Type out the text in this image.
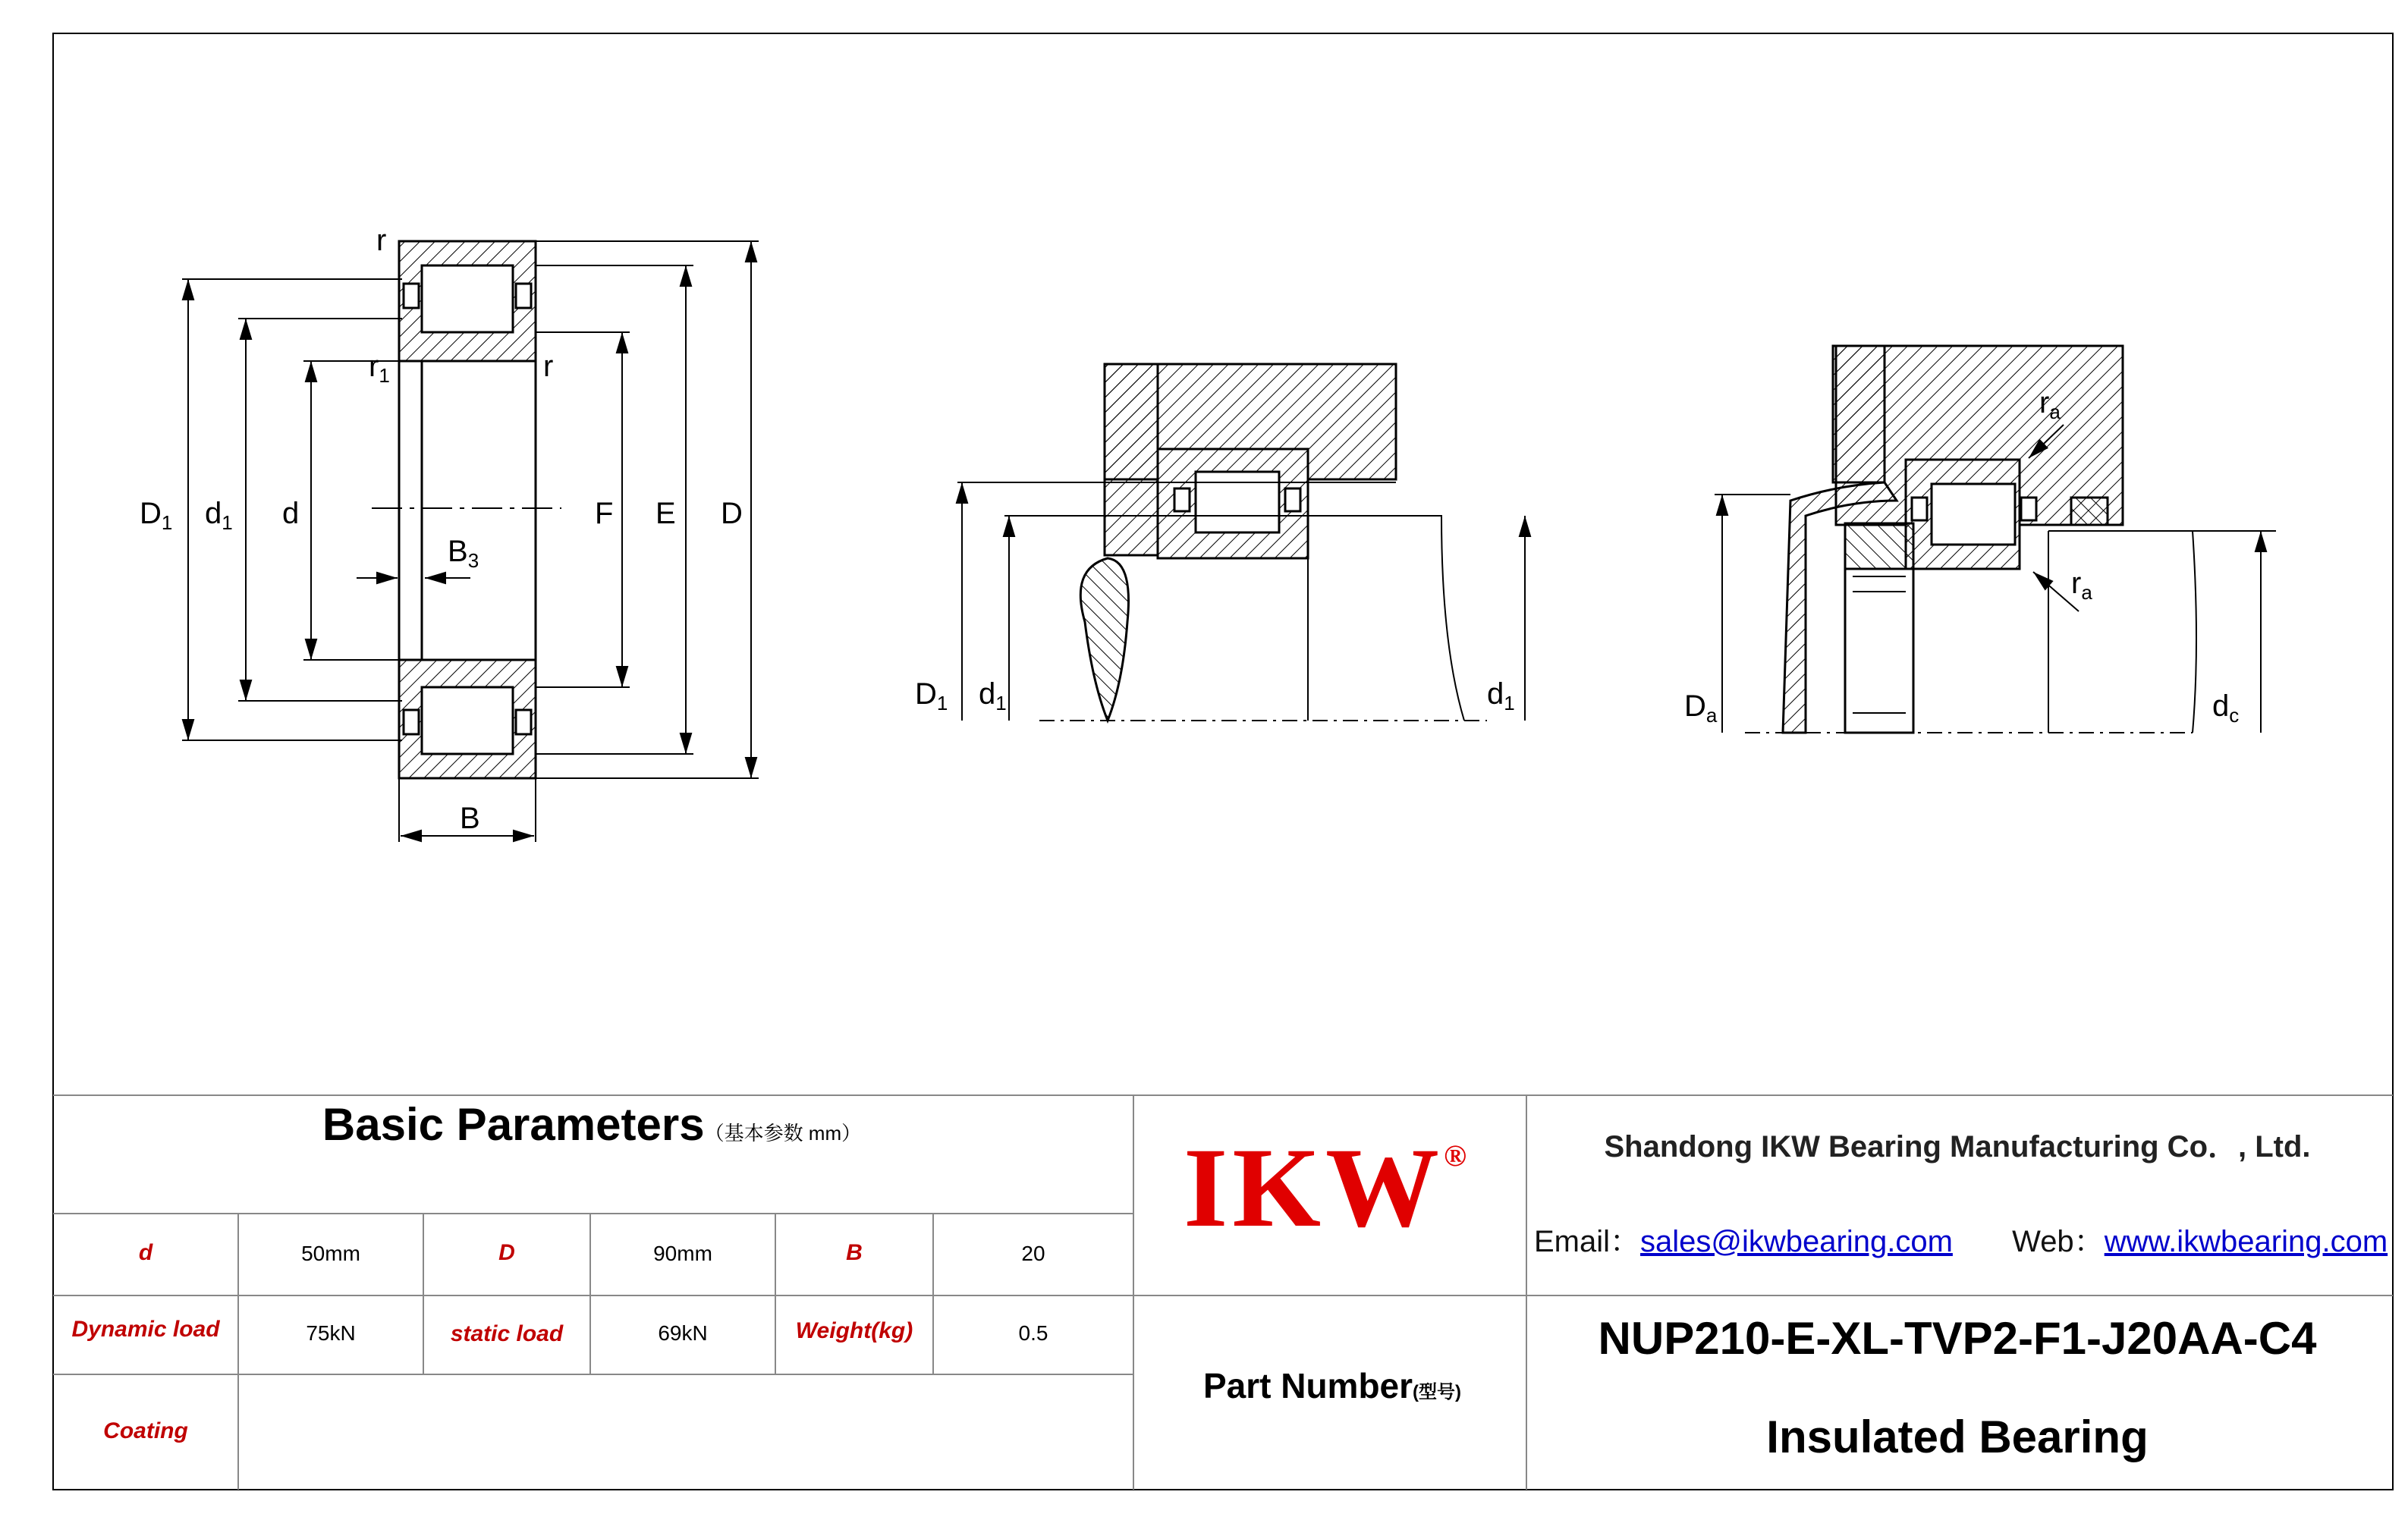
r
$r_1$	r
$D_1$ $d_1$ d
$B_3$
F E D
B
$D_1$ $d_1$	$d_1$
$r_a$
$r_a$
$D_a$	$d_c$
Basic Parameters（基本参数 mm）
d	50mm	D	90mm	B	20
Dynamic load	75kN	static load	69kN	Weight(kg)	0.5
Coating
IKW®	Shandong IKW Bearing Manufacturing Co．, Ltd.
Email：sales@ikwbearing.com Web：www.ikwbearing.com
Part Number(型号)
NUP210-E-XL-TVP2-F1-J20AA-C4
Insulated Bearing
